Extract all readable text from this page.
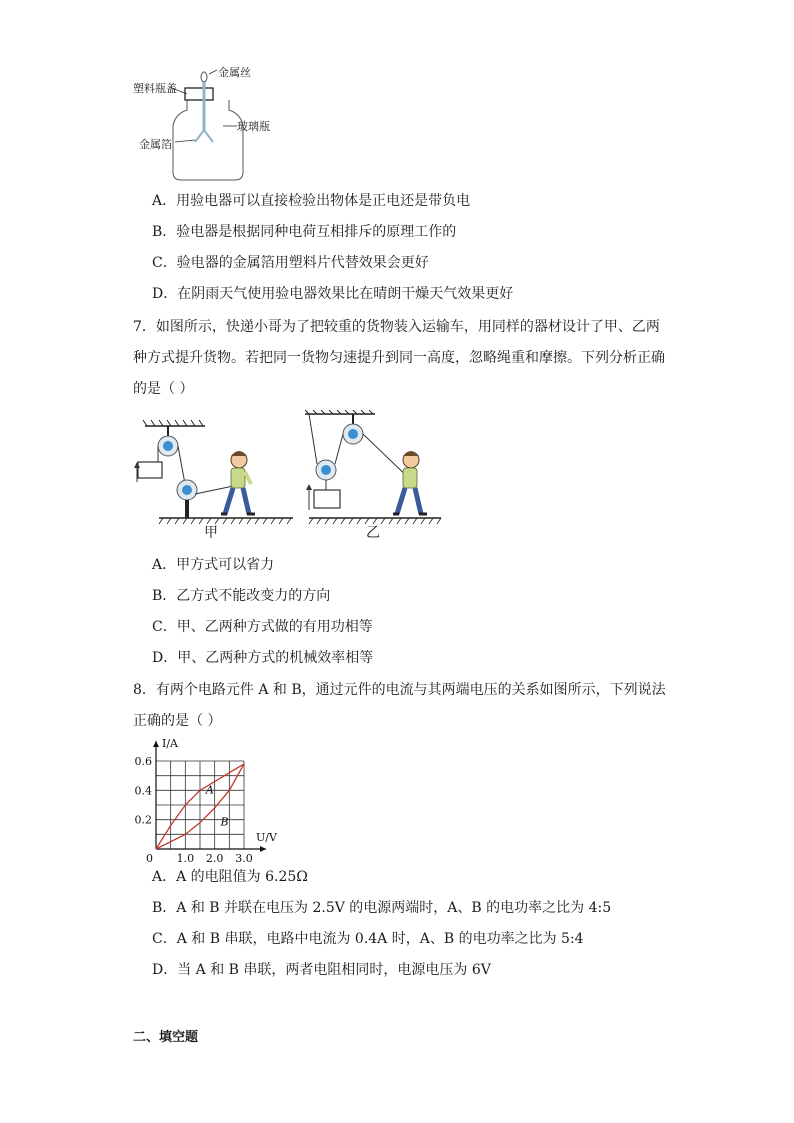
金属丝
塑料瓶盖
玻璃瓶
金属箔
A．用验电器可以直接检验出物体是正电还是带负电
B．验电器是根据同种电荷互相排斥的原理工作的
C．验电器的金属箔用塑料片代替效果会更好
D．在阴雨天气使用验电器效果比在晴朗干燥天气效果更好
7．如图所示，快递小哥为了把较重的货物装入运输车，用同样的器材设计了甲、乙两
种方式提升货物。若把同一货物匀速提升到同一高度，忽略绳重和摩擦。下列分析正确
的是（ ）
甲	乙
A．甲方式可以省力
B．乙方式不能改变力的方向
C．甲、乙两种方式做的有用功相等
D．甲、乙两种方式的机械效率相等
8．有两个电路元件 A 和 B，通过元件的电流与其两端电压的关系如图所示，下列说法
正确的是（ ）
A
B
1.0 2.0 3.0
0.2
0.4
0.6
0
U/V
I/A
A．A 的电阻值为 6.25Ω
B．A 和 B 并联在电压为 2.5V 的电源两端时，A、B 的电功率之比为 4:5
C．A 和 B 串联，电路中电流为 0.4A 时，A、B 的电功率之比为 5:4
D．当 A 和 B 串联，两者电阻相同时，电源电压为 6V
二、填空题
